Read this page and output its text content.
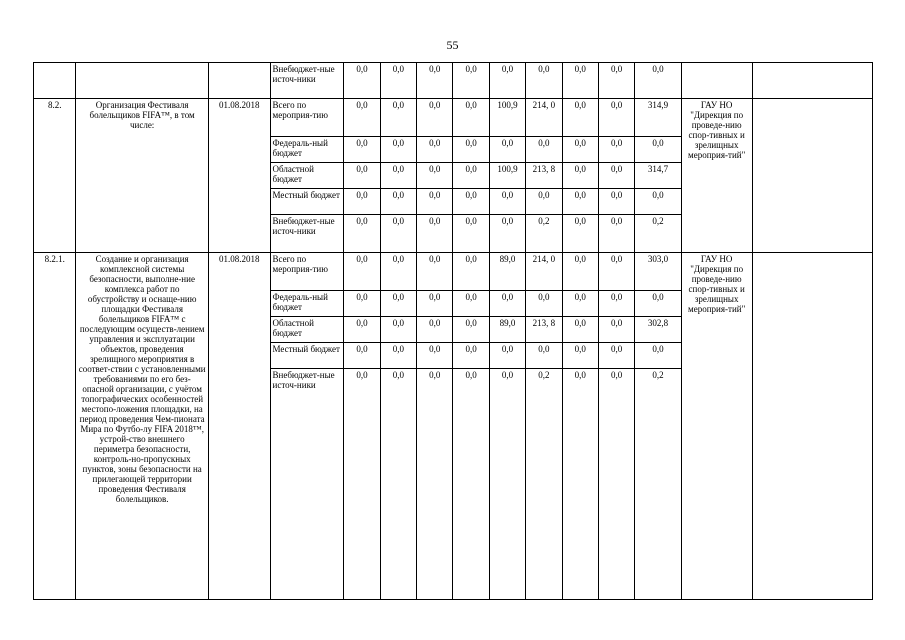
55
			Внебюджет-ные источ-ники	0,0	0,0	0,0	0,0	0,0	0,0	0,0	0,0	0,0		
8.2.	Организация Фестиваля болельщиков FIFA™, в том числе:	01.08.2018	Всего по мероприя-тию	0,0	0,0	0,0	0,0	100,9	214, 0	0,0	0,0	314,9	ГАУ НО "Дирекция по проведе-нию спор-тивных и зрелищных мероприя-тий"	
			Федераль-ный бюджет	0,0	0,0	0,0	0,0	0,0	0,0	0,0	0,0	0,0		
			Областной бюджет	0,0	0,0	0,0	0,0	100,9	213, 8	0,0	0,0	314,7		
			Местный бюджет	0,0	0,0	0,0	0,0	0,0	0,0	0,0	0,0	0,0		
			Внебюджет-ные источ-ники	0,0	0,0	0,0	0,0	0,0	0,2	0,0	0,0	0,2		
8.2.1.	Создание и организация комплексной системы безопасности, выполне-ние комплекса работ по обустройству и оснаще-нию площадки Фестиваля болельщиков FIFA™ с последующим осуществ-лением управления и эксплуатации объектов, проведения зрелищного мероприятия в соответ-ствии с установленными требованиями по его без-опасной организации, с учётом топографических особенностей местопо-ложения площадки, на период проведения Чем-пионата Мира по Футбо-лу FIFA 2018™, устрой-ство внешнего периметра безопасности, контроль-но-пропускных пунктов, зоны безопасности на прилегающей территории проведения Фестиваля болельщиков.	01.08.2018	Всего по мероприя-тию	0,0	0,0	0,0	0,0	89,0	214, 0	0,0	0,0	303,0	ГАУ НО "Дирекция по проведе-нию спор-тивных и зрелищных мероприя-тий"	
			Федераль-ный бюджет	0,0	0,0	0,0	0,0	0,0	0,0	0,0	0,0	0,0		
			Областной бюджет	0,0	0,0	0,0	0,0	89,0	213, 8	0,0	0,0	302,8		
			Местный бюджет	0,0	0,0	0,0	0,0	0,0	0,0	0,0	0,0	0,0		
			Внебюджет-ные источ-ники	0,0	0,0	0,0	0,0	0,0	0,2	0,0	0,0	0,2		
